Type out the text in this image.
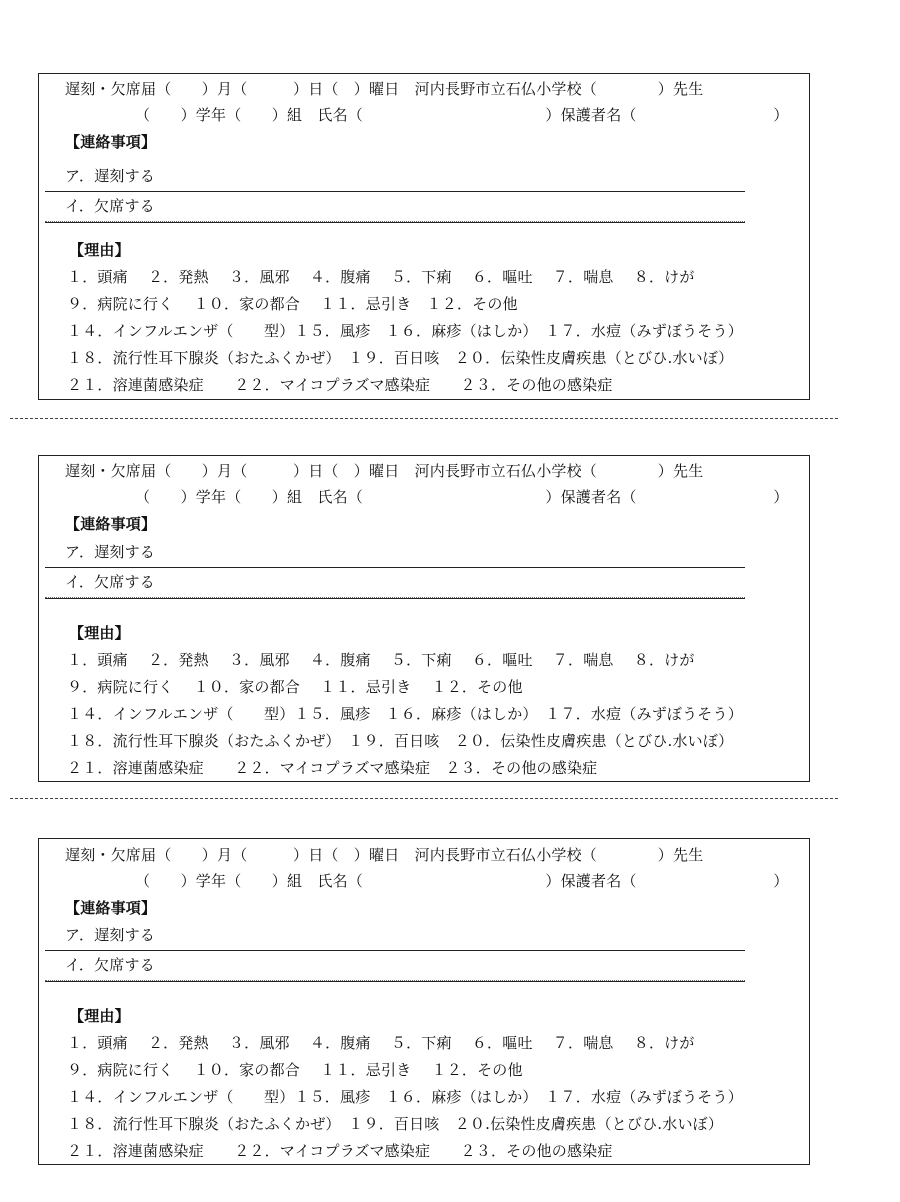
遅刻・欠席届（　　）月（　　　）日（　）曜日　河内長野市立石仏小学校（　　　　）先生
（　　）学年（　　）組　氏名（　　　　　　　　　　　　）保護者名（　　　　　　　　　）
【連絡事項】
ア．遅刻する
イ．欠席する
【理由】
１．頭痛　 ２．発熱　 ３．風邪　 ４．腹痛　 ５．下痢　 ６．嘔吐　 ７．喘息　 ８．けが
９．病院に行く　 １０．家の都合　 １１．忌引き　１２．その他
１４．インフルエンザ（　　型）１５．風疹　１６．麻疹（はしか）　１７．水痘（みずぼうそう）
１８．流行性耳下腺炎（おたふくかぜ）　１９．百日咳　２０．伝染性皮膚疾患（とびひ.水いぼ）
２１．溶連菌感染症　　２２．マイコプラズマ感染症　　２３．その他の感染症
遅刻・欠席届（　　）月（　　　）日（　）曜日　河内長野市立石仏小学校（　　　　）先生
（　　）学年（　　）組　氏名（　　　　　　　　　　　　）保護者名（　　　　　　　　　）
【連絡事項】
ア．遅刻する
イ．欠席する
【理由】
１．頭痛　 ２．発熱　 ３．風邪　 ４．腹痛　 ５．下痢　 ６．嘔吐　 ７．喘息　 ８．けが
９．病院に行く　 １０．家の都合　 １１．忌引き　 １２．その他
１４．インフルエンザ（　　型）１５．風疹　１６．麻疹（はしか）　１７．水痘（みずぼうそう）
１８．流行性耳下腺炎（おたふくかぜ）　１９．百日咳　２０．伝染性皮膚疾患（とびひ.水いぼ）
２１．溶連菌感染症　　２２．マイコプラズマ感染症　２３．その他の感染症
遅刻・欠席届（　　）月（　　　）日（　）曜日　河内長野市立石仏小学校（　　　　）先生
（　　）学年（　　）組　氏名（　　　　　　　　　　　　）保護者名（　　　　　　　　　）
【連絡事項】
ア．遅刻する
イ．欠席する
【理由】
１．頭痛　 ２．発熱　 ３．風邪　 ４．腹痛　 ５．下痢　 ６．嘔吐　 ７．喘息　 ８．けが
９．病院に行く　 １０．家の都合　 １１．忌引き　 １２．その他
１４．インフルエンザ（　　型）１５．風疹　１６．麻疹（はしか）　１７．水痘（みずぼうそう）
１８．流行性耳下腺炎（おたふくかぜ）　１９．百日咳　２０.伝染性皮膚疾患（とびひ.水いぼ）
２１．溶連菌感染症　　２２．マイコプラズマ感染症　　２３．その他の感染症
